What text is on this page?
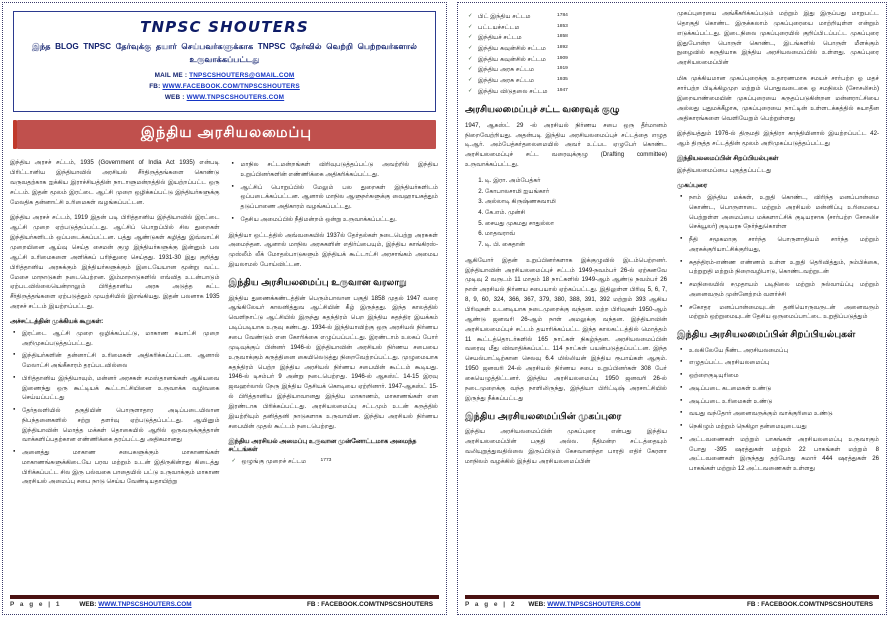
TNPSC SHOUTERS
இந்த BLOG TNPSC தேர்வுக்கு தயார் செய்பவர்களுக்காக TNPSC தேர்வில் வெற்றி பெற்றவர்களால் உருவாக்கப்பட்டது
MAIL ME : TNPSCSHOUTERS@GMAIL.COM
FB: WWW.FACEBOOK.COM/TNPSCSHOUTERS
WEB : WWW.TNPSCSHOUTERS.COM
இந்திய அரசியலமைப்பு

இந்திய அரசச் சட்டம், 1935 (Government of India Act 1935) என்படி பிரிட்டானிய இந்தியாவில் அரசியல் சீர்திருத்தங்களை கொண்டு வருவதற்காக ஐக்கிய இராச்சியத்தின் நாடாளுமன்றத்தில் இயற்றப்பட்ட ஒரு சட்டம். இதன் மூலம் இரட்டை ஆட்சி முறை ஒழிக்கப்பட்டு இந்தியர்களுக்கு மேலதிக தன்னாட்சி உரிமைகள் வழங்கப்பட்டன.

இந்திய அரசச் சட்டம், 1919 இதன் படி பிரித்தானிய இந்தியாவில் இரட்டை ஆட்சி முறை ஏற்படுத்தப்பட்டது. ஆட்சிப் பொறுப்பில் சில துறைகள் இந்தியர்களிடம் ஒப்படைக்கப்பட்டன. பத்து ஆண்டுகள் கழித்து இவ்வாட்சி முறையினை ஆய்வு செய்த சைமன் குழு இந்தியர்களுக்கு இன்னும் பல ஆட்சி உரிமைகளை அளிக்கப் பரிந்துரை செய்தது. 1931-30 இது குறித்து பிரித்தானிய அரசுக்கும் இந்தியர்களுக்கும் இடையேயான மூன்று வட்ட மேசை மாநாடுகள் நடைபெற்றன. இம்மாநாடுகளில் எவ்வித உடன்பாடும் ஏற்படவில்லையென்றாலும் பிரித்தானிய அரசு அடுத்த கட்ட சீர்திருத்தங்களை ஏற்படுத்தும் முயற்சியில் இறங்கியது. இதன் பலனாக 1935 அரசச் சட்டம் இயற்றப்பட்டது.

அச்சட்டத்தின் முக்கியக் கூறுகள்:
● இரட்டை ஆட்சி முறை ஒழிக்கப்பட்டு, மாகாண சுயாட்சி முறை அறிமுகப்படுத்தப்பட்டது.
● இந்தியர்களின் தன்னாட்சி உரிமைகள் அதிகரிக்கப்பட்டன. ஆனால் மேலாட்சி அங்கீகாரம் தரப்படவில்லை
● பிரித்தானிய இந்தியாவும், மன்னர் அரசகள் சமஸ்தானங்கள் ஆகியவை இணைந்து ஒரு கூட்டியக் கூட்டாட்சியினை உருவாக்க வழிவகை செய்யப்பட்டது
● தேர்தலளியில் தகுதியின் பொருளாதார அடிப்படையிலான நிபந்தனைகளில் சற்று தளர்வு ஏற்படுத்தப்பட்டது. ஆயினும் இந்தியாவின் மொத்த மக்கள் தொகையில் ஆறில் ஒருவருக்குத்தான் வாக்களிப்பதற்கான எண்ணிக்கை தரப்பட்டது அதிகமானது
● அனைத்து மாகாண சபைகளுக்கும் மாகாணங்கள் மாகாணங்களுக்கிடையே பரவ மற்றும் உடன் இதிருகின்றது கிடைத்து பிரிக்கப்பட்ட சில இரு பல்வகை பாதையில் பட்டு உருவாக்கும் மாகாண அரசியல் அமைப்பு சபை நாடு செய்ய வேண்டியதாயிற்று
● மாநில சட்டமன்றங்கள் விரிவுபடுத்தப்பட்டு அவற்றில் இந்திய உறுப்பினர்களின் எண்ணிக்கை அதிகரிக்கப்பட்டது.
● ஆட்சிப் பொறுப்பில் மேலும் பல துறைகள் இந்தியர்களிடம் ஒப்படைக்கப்பட்டன. ஆனால் மாநில ஆளுநர்களுக்கு வைஹாயகத்தும் தடுப்பாணை அதிகாரம் வழங்கப்பட்டது.
● தேசிய அமைப்பில் நீதிமன்றம் ஒன்று உருவாக்கப்பட்டது.

இந்தியா ஒட்டத்தில் அவ்வகையில் 1937ல் தேர்தல்கள் நடைபெற்று அரசுகள் அமைந்தன. ஆனால் மாநில அரசுகளின் எதிர்ப்பையும், இந்திய காங்கிரஸ்-முஸ்லீம் லீக் மோதல்பாடுகளும் இந்தியக் கூட்டாட்சி அரசாங்கம் அமைய இயலாமல் போய்விட்டன.

இந்திய அரசியலமைப்பு உருவான வரலாறு

இந்திய துணைக்கண்டத்தின் பெரும்பாலான பகுதி 1858 முதல் 1947 வரை ஆங்கிலேயர் காலனித்துவ ஆட்சியின் கீழ் இருந்தது. இந்த காலத்தில் வெளிநாட்டு ஆட்சியில் இருந்து சுதந்திரம் பெற இந்திய சுதந்திர இயக்கம் படிப்படியாக உருவு கண்டது. 1934-ல் இந்தியாவிற்கு ஒரு அரசியல் நிர்ணய சபை வேண்டும் என கோரிக்கை எழுப்பப்பட்டது. இரண்டாம் உலகப் போர் முடிவுக்குப் பின்னர் 1946-ல் இந்தியாவின் அரசியல் நிர்ணய சபையை உருவாக்கும் கருத்தினை கையிலெடுத்து நிறைவேற்றப்பட்டது. முழுமையாக சுதந்திரம் பெற்ற இந்திய அரசியல் நிர்ணய சபையின் கூட்டம் கூடியது. 1946-ல் டிசம்பர் 9 அன்று நடைபெற்றது. 1946-ல் ஆகஸ்ட் 14-15 இரவு ஜவஹர்லால் நேரு இந்திய தேசியக் கொடியை ஏற்றினார். 1947-ஆகஸ்ட் 15-ல் பிரித்தானிய இந்தியாவானது இந்திய மாகாணம், மாகாணங்கள் என இரண்டாக பிரிக்கப்பட்டது. அரசியலமைப்பு சட்டமும் உடன் கருத்தில் இயற்றியும் தனித்தனி நாடுகளாக உருவாயின. இந்திய அரசியல் நிர்ணய சபையின் முதல் கூட்டம் நடைபெற்றது.

இந்திய அரசியல் அமைப்பு உருவான முன்னோட்டமாக அமைந்த சட்டங்கள்
✓ ஒழுங்கு முறைச் சட்டம	1773
P a g e | 1	WEB: WWW.TNPSCSHOUTERS.COM	FB : FACEBOOK.COM/TNPSCSHOUTERS
✓ பிட் இந்திய சட்டம	1784
✓ பட்டயச்சட்டம	1853
✓ இந்தியச் சட்டம	1858
✓ இந்திய கவுன்சில் சட்டம	1892
✓ இந்திய கவுன்சில் சட்டம	1909
✓ இந்திய அரசு சட்டம	1919
✓ இந்திய அரசு சட்டம	1935
✓ இந்திய விடுதலை சட்டம	1947
அரசியலமைப்புச் சட்ட வரைவுக் குழு

1947, ஆகஸ்ட் 29 -ல் அரசியல் நிர்ணய சபை ஒரு தீர்மானம் நிறைவேற்றியது. அதன்படி இந்திய அரசியலமைப்புச் சட்டத்தை எழுத டி.ஆர். அம்பேத்கர்தலைமையில் அவர் உட்பட ஏழுபேர் கொண்ட அரசியலமைப்புச் சட்ட வரைவுக்குழு (Drafting committee) உருவாக்கப்பட்டது.

1. டி. இரா. அம்பேத்கர்
2. கோபாலசாமி ஐயங்கார்
3. அல்லாடி கிருஷ்ணசுவாமி
4. கே.எம். முன்சி
5. சையது முகமது சாதுல்லா
6. மாதவராவ்
7. டி. பி. கைதான்

ஆகியோர் இதன் உறுப்பினர்களாக இக்குழுவில் இடம்பெற்றனர். இந்தியாவின் அரசியலமைப்புச் சட்டம் 1949-நவம்பர் 26-ல் ஏற்கனவே முடிவு 2 வருடம் 11 மாதம் 18 நாட்களில் 1949-ஆம் ஆண்டு நவம்பர் 26 நாள் அரசியல் நிர்ணய சபையால் ஏற்கப்பட்டது. இதிலுள்ள பிரிவு 5, 6, 7, 8, 9, 60, 324, 366, 367, 379, 380, 388, 391, 392 மற்றும் 393 ஆகிய பிரிவுகள் உடனடியாக நடைமுறைக்கு வந்தன. மற்ற பிரிவுகள் 1950-ஆம் ஆண்டு ஜனவரி 26-ஆம் நாள் அமலுக்கு வந்தன. இந்தியாவின் அரசியலமைப்புச் சட்டம் தயாரிக்கப்பட்ட இந்த காலகட்டத்தில் மொத்தம் 11 கூட்டத்தொடர்களில் 165 நாட்கள் நிகழ்ந்தன. அரசியலமைப்பின் வரைவு மீது விவாதிக்கப்பட்ட 114 நாட்கள் பயன்படுத்தப்பட்டன. இந்த செயல்பாட்டிற்கான செலவு 6.4 மில்லியன் இந்திய ரூபாய்கள் ஆகும். 1950 ஜனவரி 24-ல் அரசியல் நிர்ணய சபை உறுப்பினர்கள் 308 பேர் கையெழுத்திட்டனர். இந்திய அரசியலமைப்பு 1950 ஜனவரி 26-ல் நடைமுறைக்கு வந்த நாளிலிருந்து, இந்தியா பிரிட்டிஷ் அரசாட்சியில் இருந்து நீக்கப்பட்டது

இந்திய அரசியலமைப்பின் முகப்புரை

இந்திய அரசியலமைப்பின் முகப்புரை என்பது இந்திய அரசியலமைப்பின் பகுதி அல்ல. நீதிமன்ற சட்டத்தையும் வலியுறுத்துவதில்லை இருப்பிடும் கேசவானந்தா பாரதி எதிர் கேரளா மாநிலம் வழக்கில் இந்திய அரசியலமைப்பின்

முகப்புரையை அங்கீகரிக்கப்படும் மற்றும் இது இருப்பது மாறுபட்ட தொகுதி கொண்ட இருக்கலாம் முகப்புரையை மாற்றியுள்ள என்றும் எடுக்கப்பட்டது. இடைநிலை முகப்புரையில் குறிப்பிடப்பட்ட முகப்புரை இதுபோன்ற பொருள் கொண்ட, இடங்களில் பொருள் மீளக்கும் நுழைவில் கருதியாக இந்திய அரசியலமைப்பில் உள்ளது. முகப்புரை அரசியலமைப்பின்

மிக முக்கியமான முகப்புரைக்கு உதாரணமாக சமயச் சார்பற்ற ஓ மதச் சார்பற்ற பிடிக்கிழமுற மற்றும் பொதுவடைகை ஓ சமநிலம் (சோசலிசம்) இறையாண்மையின் முகப்புரையை கருதப்படுகின்றன மன்னராட்சியை அல்லது புதுமக்கீழாக, முகப்புரையை நாட்டின் உள்ளடக்கத்தில் சுயாதீன அதிகாரங்களை வெளியேறும் பெற்றுள்ளது

இந்தியத்தும் 1976-ல் திருமதி இந்திரா காந்தியினால் இயற்றப்பட்ட 42-ஆம் திருத்த சட்டத்தின் மூலம் அறிமுகப்படுத்தப்பட்டது

இந்தியலமைப்பின் சிறப்பியல்புகள்

இந்தியலமைப்பை புகுத்தப்பட்டது

முகப்புரை
● நாம் இந்திய மக்கள், உறுதி கொண்ட, விரிந்த மனப்பான்மை கொண்ட, பொருளாடை மற்றும் அரசியல் மன்னிப்பு உரிமையை பெற்றுள்ள அமைப்பை மக்களாட்சிக் குடியரசாக (சார்பற்ற சோசலிச செக்யூலர்) குடியரசு நேர்ந்துகொள்ள
● நீதி சமூகமாகு சார்ந்த பொருளாதியம் சார்ந்த மற்றும் அரசுக்குரியாட்சிக்குரியது,
● சுதந்திரம்-எண்ண எண்ணம் உள்ள உறுதி தெரிவித்தும், நம்பிக்கை, பற்றுறுதி மற்றும் நிறைவழிபாடு, கொண்டவற்றுடன்
● சமநிலையில் சமுதாயம் படிநிலை மற்றும் நல்வாய்ப்பு மற்றும் அனைவரும் முன்னேற்றம் வளர்ச்சி
● சகோதர மனப்பான்மையுடன் தனியொருவருடன் அனைவரும் மற்றும் ஒற்றுமையுடன் தேசிய ஒருமைப்பாட்டை உறுதிப்படுத்தும்
இந்திய அரசியலமைப்பின் சிறப்பியல்புகள்
● உலகிலேயே நீண்ட அரசியலமைப்பு
● எழுதப்பட்ட அரசியலமைப்பு
● ஒற்றைகுடியுரிமை
● அடிப்படை கடமைகள் உண்டு
● அடிப்படை உரிமைகள் உண்டு
● வயது வந்தோர் அனைவருக்கும் வாக்குரிமை உண்டு
● நெகிழும் மற்றும் நெகிழா தன்மையுடையது
● அட்டவணைகள் மற்றும் பாகங்கள் அரசியலமைப்பு உருவாகும் போது -395 ஷரத்துகள் மற்றும் 22 பாகங்கள் மற்றும் 8 அட்டவணைகள் இருந்தது தற்போது சுமார் 444 ஷரத்துகள் 26 பாகங்கள் மற்றும் 12 அட்டவணைகள் உள்ளது
P a g e | 2 WEB: WWW.TNPSCSHOUTERS.COM	FB : FACEBOOK.COM/TNPSCSHOUTERS
